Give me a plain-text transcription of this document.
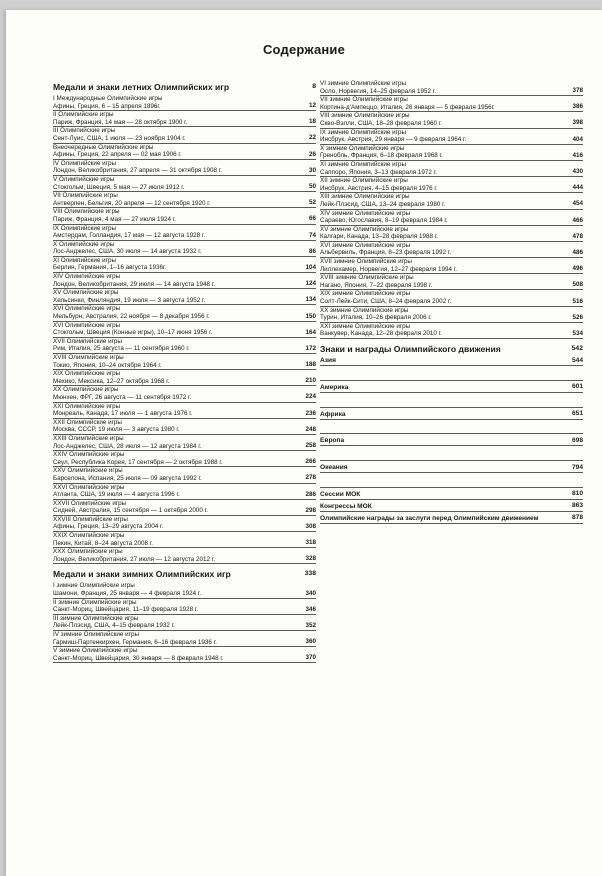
Содержание
Медали и знаки летних Олимпийских игр	8
I Международные Олимпийские игры
Афины, Греция, 6 – 15 апреля 1896г.	12
II Олимпийские игры
Париж, Франция, 14 мая — 28 октября 1900 г.	18
III Олимпийские игры
Сент-Луис, США, 1 июля — 23 ноября 1904 г.	22
Внеочередные Олимпийские игры
Афины, Греция, 22 апреля — 02 мая 1906 г.	26
IV Олимпийские игры
Лондон, Великобритания, 27 апреля — 31 октября 1908 г.	30
V Олимпийские игры
Стокгольм, Швеция, 5 мая — 27 июля 1912 г.	50
VII Олимпийские игры
Антверпен, Бельгия, 20 апреля — 12 сентября 1920 г.	52
VIII Олимпийские игры
Париж, Франция, 4 мая — 27 июля 1924 г.	66
IX Олимпийские игры
Амстердам, Голландия, 17 мая — 12 августа 1928 г.	74
X Олимпийские игры
Лос-Анджелес, США, 30 июля — 14 августа 1932 г.	86
XI Олимпийские игры
Берлин, Германия, 1–16 августа 1936г.	104
XIV Олимпийские игры
Лондон, Великобритания, 29 июля — 14 августа 1948 г.	124
XV Олимпийские игры
Хельсинки, Финляндия, 19 июля — 3 августа 1952 г.	134
XVI Олимпийские игры
Мельбурн, Австралия, 22 ноября — 8 декабря 1956 г.	150
XVI Олимпийские игры
Стокгольм, Швеция (Конные игры), 10–17 июня 1956 г.	164
XVII Олимпийские игры
Рим, Италия, 25 августа — 11 сентября 1960 г.	172
XVIII Олимпийские игры
Токио, Япония, 10–24 октября 1964 г.	188
XIX Олимпийские игры
Мехико, Мексика, 12–27 октября 1968 г.	210
XX Олимпийские игры
Мюнхен, ФРГ, 26 августа — 11 сентября 1972 г.	224
XXI Олимпийские игры
Монреаль, Канада, 17 июля — 1 августа 1976 г.	236
XXII Олимпийские игры
Москва, СССР, 19 июля — 3 августа 1980 г.	248
XXIII Олимпийские игры
Лос-Анджелес, США, 28 июля — 12 августа 1984 г.	258
XXIV Олимпийские игры
Сеул, Республика Корея, 17 сентября — 2 октября 1988 г.	266
XXV Олимпийские игры
Барселона, Испания, 25 июля — 09 августа 1992 г.	278
XXVI Олимпийские игры
Атланта, США, 19 июля — 4 августа 1996 г.	286
XXVII Олимпийские игры
Сидней, Австралия, 15 сентября — 1 октября 2000 г.	298
XXVIII Олимпийские игры
Афины, Греция, 13–29 августа 2004 г.	308
XXIX Олимпийские игры
Пекин, Китай, 8–24 августа 2008 г.	318
XXX Олимпийские игры
Лондон, Великобритания, 27 июля — 12 августа 2012 г.	328
Медали и знаки зимних Олимпийских игр	338
I зимние Олимпийские игры
Шамони, Франция, 25 января — 4 февраля 1924 г.	340
II зимние Олимпийские игры
Санкт-Мориц, Швейцария, 11–19 февраля 1928 г.	346
III зимние Олимпийские игры
Лейк-Плэсид, США, 4–15 февраля 1932 г.	352
IV зимние Олимпийские игры
Гармиш-Партенкирхен, Германия, 6–16 февраля 1936 г.	360
V зимние Олимпийские игры
Санкт-Мориц, Швейцария, 30 января — 8 февраля 1948 г.	370
VI зимние Олимпийские игры
Осло, Норвегия, 14–25 февраля 1952 г.	378
VII зимние Олимпийские игры
Кортина-д'Ампеццо, Италия, 26 января — 5 февраля 1956г.	386
VIII зимние Олимпийские игры
Скво-Вэлли, США, 18–28 февраля 1960 г.	398
IX зимние Олимпийские игры
Инсбрук, Австрия, 29 января — 9 февраля 1964 г.	404
X зимние Олимпийские игры
Гренобль, Франция, 6–18 февраля 1968 г.	416
XI зимние Олимпийские игры
Саппоро, Япония, 3–13 февраля 1972 г.	430
XII зимние Олимпийские игры
Инсбрук, Австрия, 4–15 февраля 1976 г.	444
XIII зимние Олимпийские игры
Лейк-Плэсид, США, 13–24 февраля 1980 г.	454
XIV зимние Олимпийские игры
Сараево, Югославия, 8–19 февраля 1984 г.	466
XV зимние Олимпийские игры
Калгари, Канада, 13–28 февраля 1988 г.	478
XVI зимние Олимпийские игры
Альбервиль, Франция, 8–23 февраля 1992 г.	486
XVII зимние Олимпийские игры
Лиллехамер, Норвегия, 12–27 февраля 1994 г.	496
XVIII зимние Олимпийские игры
Нагано, Япония, 7–22 февраля 1998 г.	508
XIX зимние Олимпийские игры
Солт-Лейк-Сити, США, 8–24 февраля 2002 г.	516
XX зимние Олимпийские игры
Турин, Италия, 10–26 февраля 2006 г.	526
XXI зимние Олимпийские игры
Ванкувер, Канада, 12–28 февраля 2010 г.	534
Знаки и награды Олимпийского движения	542
Азия	544
Америка	601
Африка	651
Европа	698
Океания	794
Сессии МОК	810
Конгрессы МОК	863
Олимпийские награды за заслуги перед Олимпийским движением	878
